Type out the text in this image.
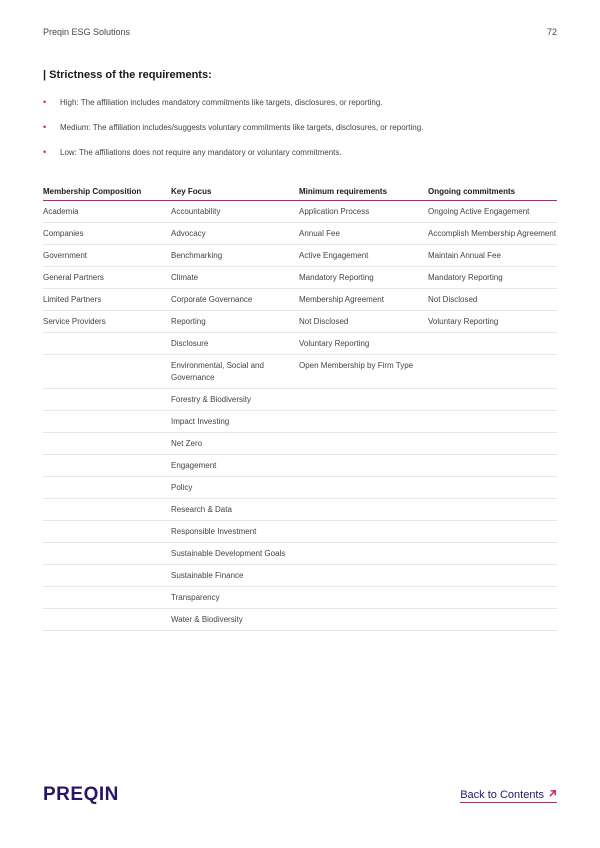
Preqin ESG Solutions	72
| Strictness of the requirements:
• High: The affiliation includes mandatory commitments like targets, disclosures, or reporting.
• Medium: The affiliation includes/suggests voluntary commitments like targets, disclosures, or reporting.
• Low: The affiliations does not require any mandatory or voluntary commitments.
Membership Composition	Key Focus	Minimum requirements	Ongoing commitments
Academia	Accountability	Application Process	Ongoing Active Engagement
Companies	Advocacy	Annual Fee	Accomplish Membership Agreement
Government	Benchmarking	Active Engagement	Maintain Annual Fee
General Partners	Climate	Mandatory Reporting	Mandatory Reporting
Limited Partners	Corporate Governance	Membership Agreement	Not Disclosed
Service Providers	Reporting	Not Disclosed	Voluntary Reporting
	Disclosure	Voluntary Reporting	
	Environmental, Social and Governance	Open Membership by Firm Type	
	Forestry & Biodiversity		
	Impact Investing		
	Net Zero		
	Engagement		
	Policy		
	Research & Data		
	Responsible Investment		
	Sustainable Development Goals		
	Sustainable Finance		
	Transparency		
	Water & Biodiversity		
PREQIN	Back to Contents
